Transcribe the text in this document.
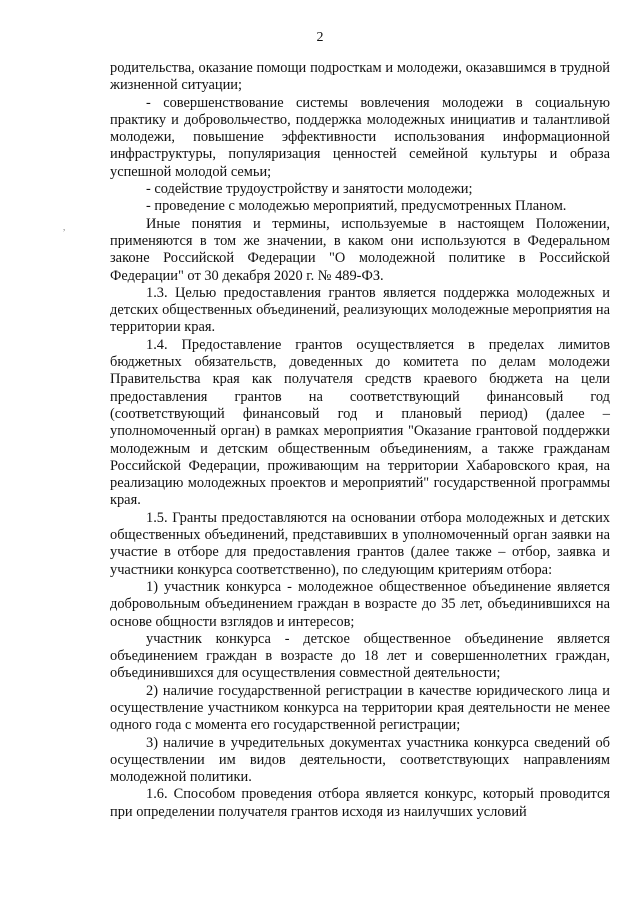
2
,

родительства, оказание помощи подросткам и молодежи, оказавшимся в трудной жизненной ситуации;

- совершенствование системы вовлечения молодежи в социальную практику и добровольчество, поддержка молодежных инициатив и талантливой молодежи, повышение эффективности использования информационной инфраструктуры, популяризация ценностей семейной культуры и образа успешной молодой семьи;

- содействие трудоустройству и занятости молодежи;

- проведение с молодежью мероприятий, предусмотренных Планом.

Иные понятия и термины, используемые в настоящем Положении, применяются в том же значении, в каком они используются в Федеральном законе Российской Федерации "О молодежной политике в Российской Федерации" от 30 декабря 2020 г. № 489-ФЗ.

1.3. Целью предоставления грантов является поддержка молодежных и детских общественных объединений, реализующих молодежные мероприятия на территории края.

1.4. Предоставление грантов осуществляется в пределах лимитов бюджетных обязательств, доведенных до комитета по делам молодежи Правительства края как получателя средств краевого бюджета на цели предоставления грантов на соответствующий финансовый год (соответствующий финансовый год и плановый период) (далее – уполномоченный орган) в рамках мероприятия "Оказание грантовой поддержки молодежным и детским общественным объединениям, а также гражданам Российской Федерации, проживающим на территории Хабаровского края, на реализацию молодежных проектов и мероприятий" государственной программы края.

1.5. Гранты предоставляются на основании отбора молодежных и детских общественных объединений, представивших в уполномоченный орган заявки на участие в отборе для предоставления грантов (далее также – отбор, заявка и участники конкурса соответственно), по следующим критериям отбора:

1) участник конкурса - молодежное общественное объединение является добровольным объединением граждан в возрасте до 35 лет, объединившихся на основе общности взглядов и интересов;

участник конкурса - детское общественное объединение является объединением граждан в возрасте до 18 лет и совершеннолетних граждан, объединившихся для осуществления совместной деятельности;

2) наличие государственной регистрации в качестве юридического лица и осуществление участником конкурса на территории края деятельности не менее одного года с момента его государственной регистрации;

3) наличие в учредительных документах участника конкурса сведений об осуществлении им видов деятельности, соответствующих направлениям молодежной политики.

1.6. Способом проведения отбора является конкурс, который проводится при определении получателя грантов исходя из наилучших условий
